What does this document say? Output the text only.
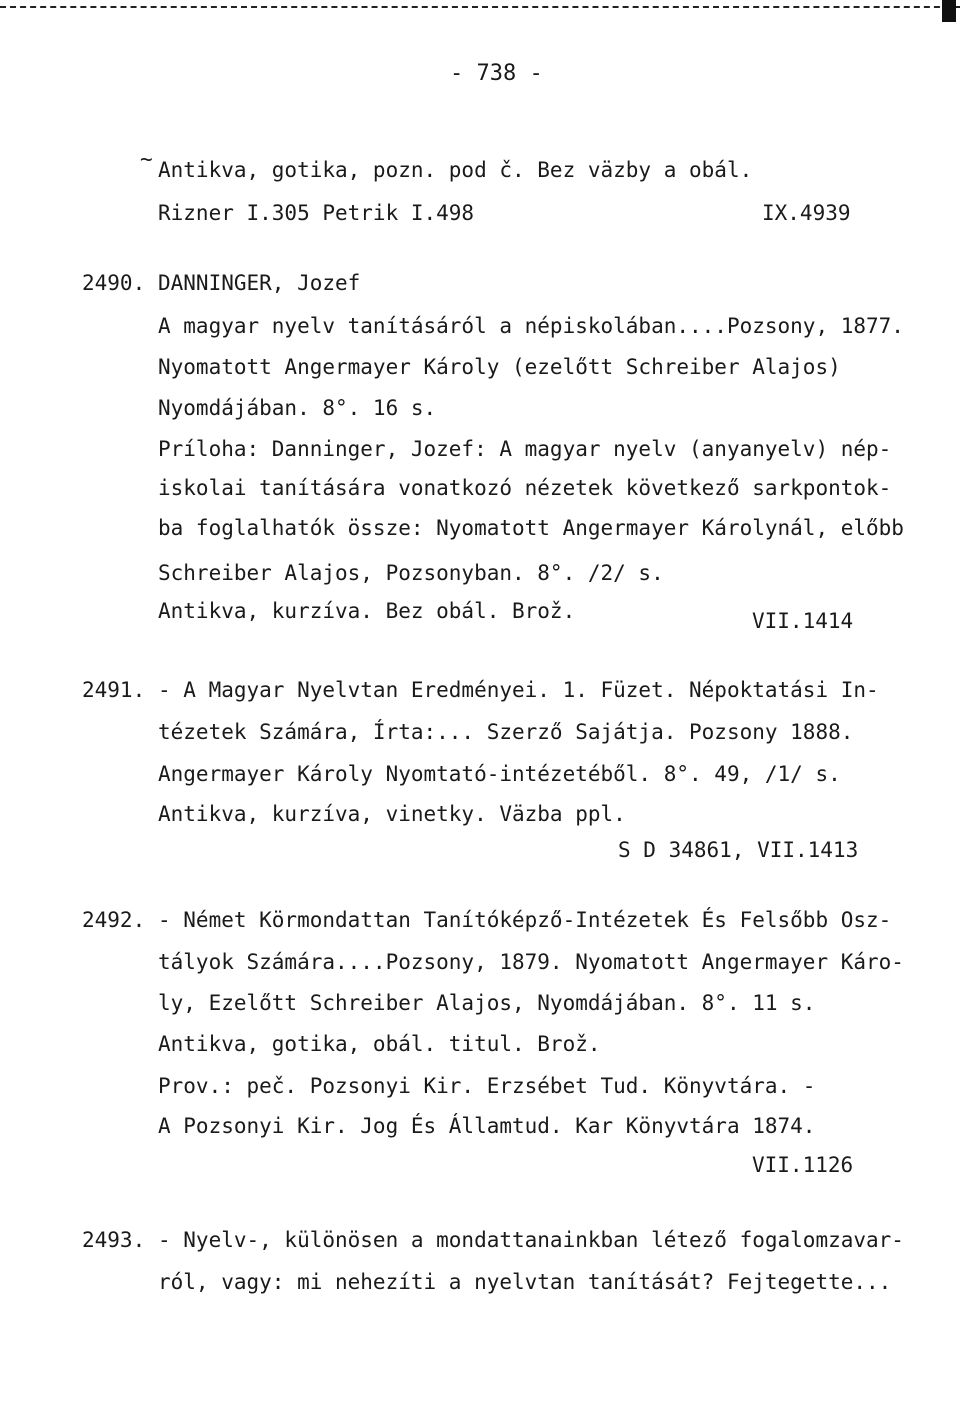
- 738 -
~ Antikva, gotika, pozn. pod č. Bez väzby a obál.
Rizner I.305 Petrik I.498	IX.4939
2490. DANNINGER, Jozef
A magyar nyelv tanításáról a népiskolában....Pozsony, 1877.
Nyomatott Angermayer Károly (ezelőtt Schreiber Alajos)
Nyomdájában. 8°. 16 s.
Príloha: Danninger, Jozef: A magyar nyelv (anyanyelv) nép-
iskolai tanítására vonatkozó nézetek következő sarkpontok-
ba foglalhatók össze: Nyomatott Angermayer Károlynál, előbb
Schreiber Alajos, Pozsonyban. 8°. /2/ s.
Antikva, kurzíva. Bez obál. Brož.	VII.1414
2491. - A Magyar Nyelvtan Eredményei. 1. Füzet. Népoktatási In-
tézetek Számára, Írta:... Szerző Sajátja. Pozsony 1888.
Angermayer Károly Nyomtató-intézetéből. 8°. 49, /1/ s.
Antikva, kurzíva, vinetky. Väzba ppl.
S D 34861, VII.1413
2492. - Német Körmondattan Tanítóképző-Intézetek És Felsőbb Osz-
tályok Számára....Pozsony, 1879. Nyomatott Angermayer Káro-
ly, Ezelőtt Schreiber Alajos, Nyomdájában. 8°. 11 s.
Antikva, gotika, obál. titul. Brož.
Prov.: peč. Pozsonyi Kir. Erzsébet Tud. Könyvtára. -
A Pozsonyi Kir. Jog És Államtud. Kar Könyvtára 1874.
VII.1126
2493. - Nyelv-, különösen a mondattanainkban létező fogalomzavar-
ról, vagy: mi nehezíti a nyelvtan tanítását? Fejtegette...
